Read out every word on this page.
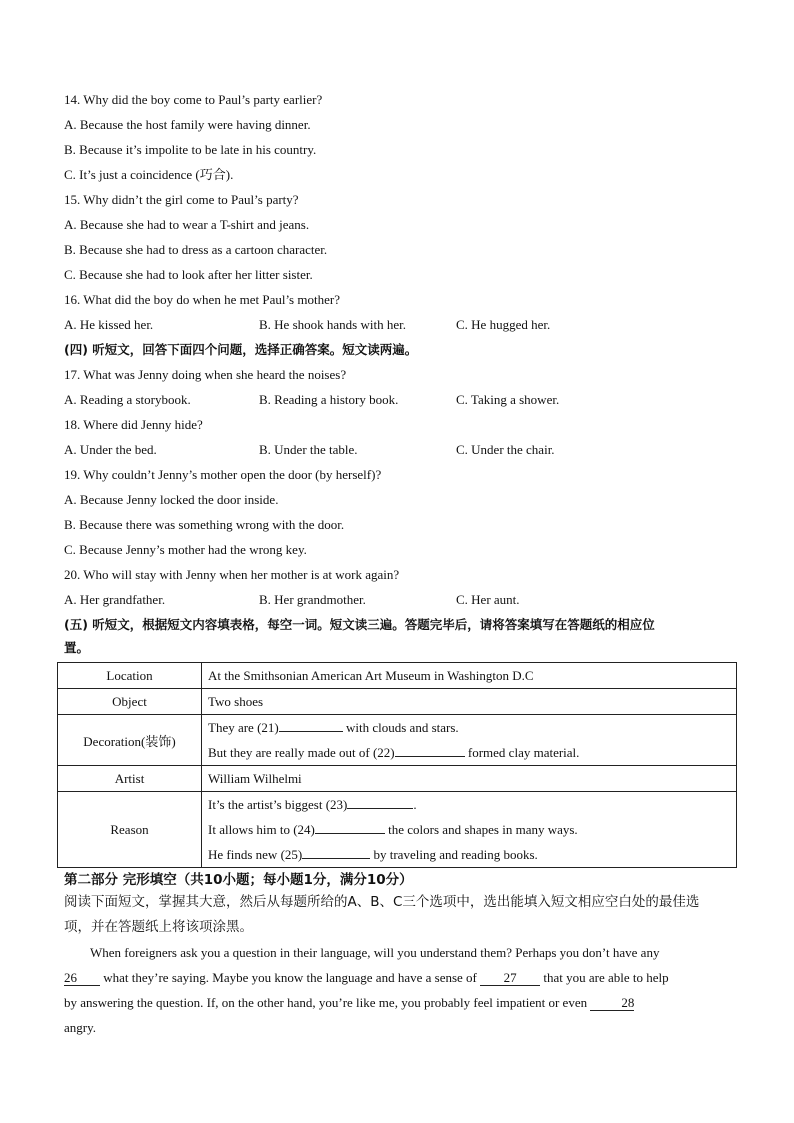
14. Why did the boy come to Paul’s party earlier?
A. Because the host family were having dinner.
B. Because it’s impolite to be late in his country.
C. It’s just a coincidence (巧合).
15. Why didn’t the girl come to Paul’s party?
A. Because she had to wear a T-shirt and jeans.
B. Because she had to dress as a cartoon character.
C. Because she had to look after her litter sister.
16. What did the boy do when he met Paul’s mother?
A. He kissed her.	B. He shook hands with her.	C. He hugged her.
(四) 听短文，回答下面四个问题，选择正确答案。短文读两遍。
17. What was Jenny doing when she heard the noises?
A. Reading a storybook.	B. Reading a history book.	C. Taking a shower.
18. Where did Jenny hide?
A. Under the bed.	B. Under the table.	C. Under the chair.
19. Why couldn’t Jenny’s mother open the door (by herself)?
A. Because Jenny locked the door inside.
B. Because there was something wrong with the door.
C. Because Jenny’s mother had the wrong key.
20. Who will stay with Jenny when her mother is at work again?
A. Her grandfather.	B. Her grandmother.	C. Her aunt.
(五) 听短文，根据短文内容填表格，每空一词。短文读三遍。答题完毕后，请将答案填写在答题纸的相应位
置。
Location	At the Smithsonian American Art Museum in Washington D.C

Object	Two shoes

Decoration(装饰)	They are (21) with clouds and stars.
But they are really made out of (22) formed clay material.

Artist	William Wilhelmi

Reason	It’s the artist’s biggest (23) .
It allows him to (24) the colors and shapes in many ways.
He finds new (25) by traveling and reading books.
第二部分 完形填空（共10小题；每小题1分，满分10分）
阅读下面短文，掌握其大意，然后从每题所给的A、B、C三个选项中，选出能填入短文相应空白处的最佳选
项，并在答题纸上将该项涂黑。
When foreigners ask you a question in their language, will you understand them? Perhaps you don’t have any
26 what they’re saying. Maybe you know the language and have a sense of 27 that you are able to help
by answering the question. If, on the other hand, you’re like me, you probably feel impatient or even 28
angry.
